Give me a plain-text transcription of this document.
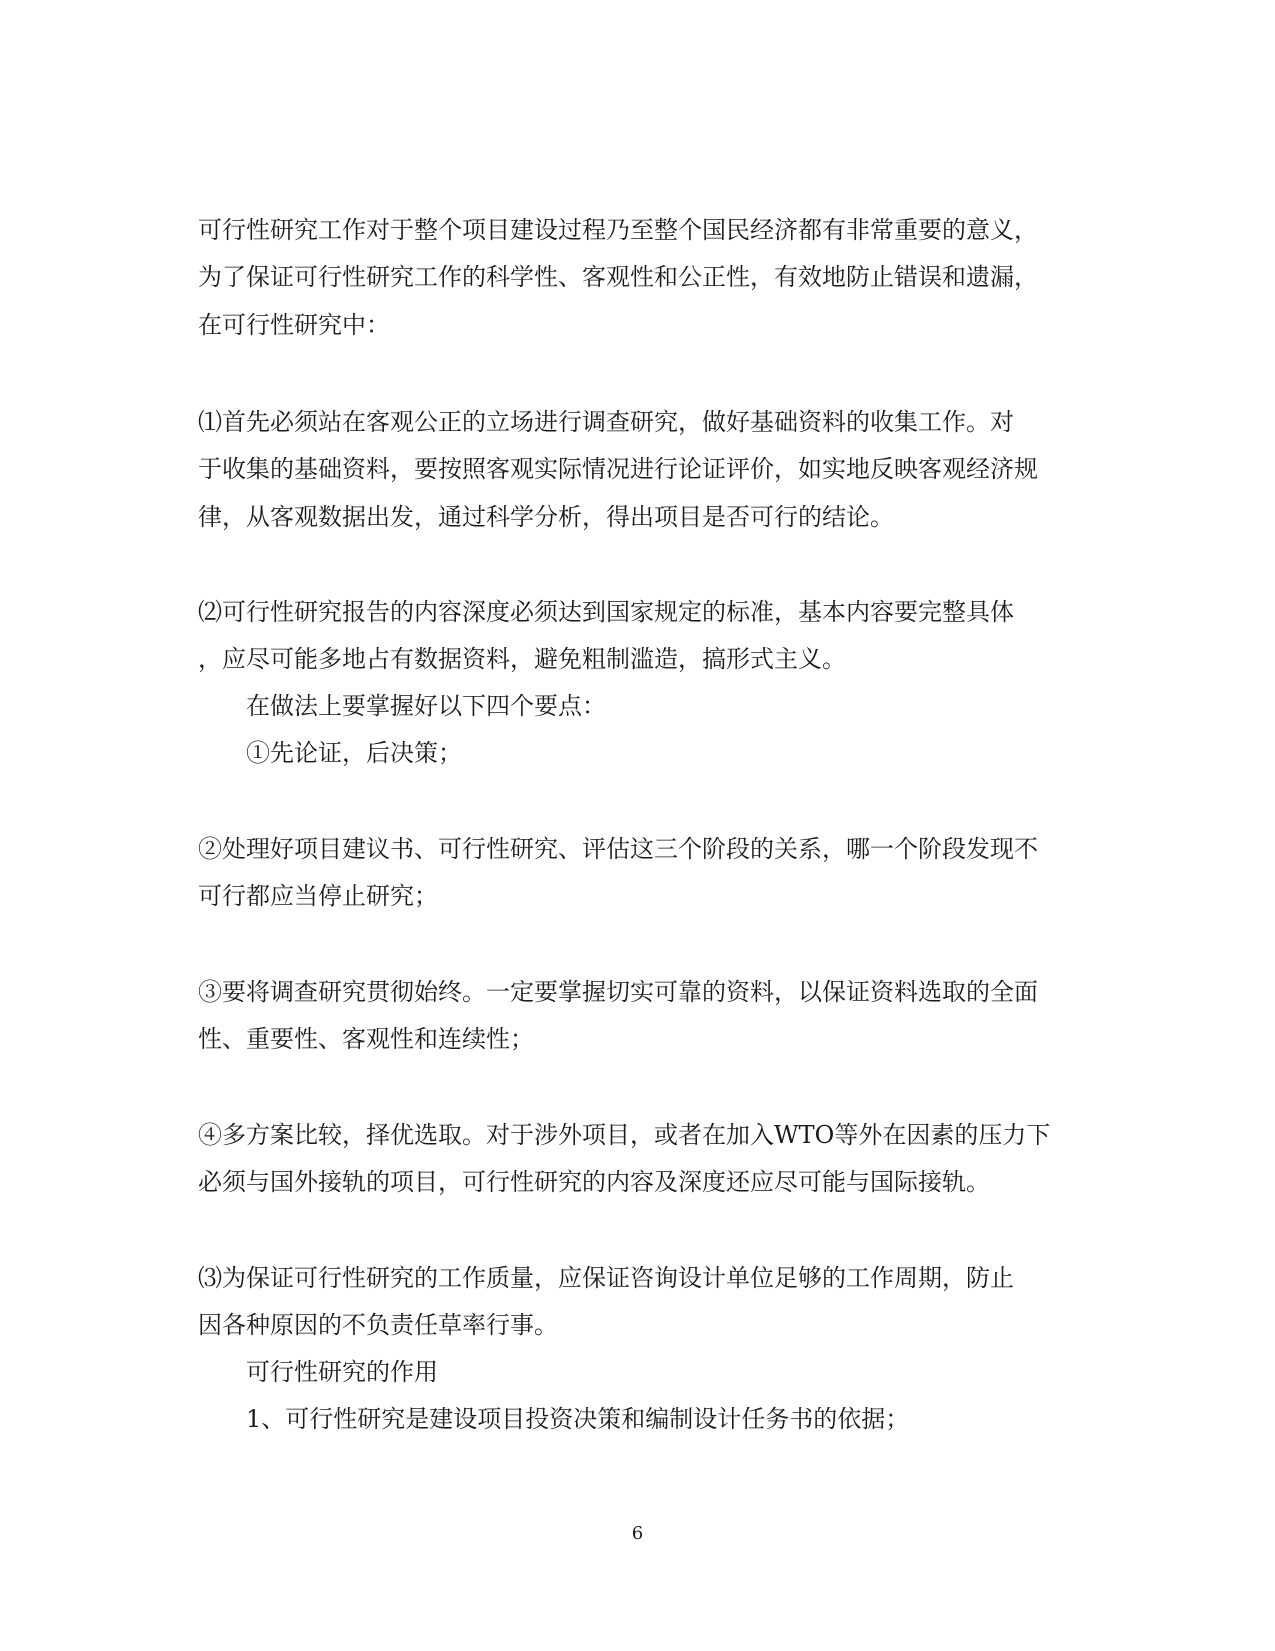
可行性研究工作对于整个项目建设过程乃至整个国民经济都有非常重要的意义，
为了保证可行性研究工作的科学性、客观性和公正性，有效地防止错误和遗漏，
在可行性研究中：
⑴首先必须站在客观公正的立场进行调查研究，做好基础资料的收集工作。对
于收集的基础资料，要按照客观实际情况进行论证评价，如实地反映客观经济规
律，从客观数据出发，通过科学分析，得出项目是否可行的结论。
⑵可行性研究报告的内容深度必须达到国家规定的标准，基本内容要完整具体
，应尽可能多地占有数据资料，避免粗制滥造，搞形式主义。
在做法上要掌握好以下四个要点：
①先论证，后决策；
②处理好项目建议书、可行性研究、评估这三个阶段的关系，哪一个阶段发现不
可行都应当停止研究；
③要将调查研究贯彻始终。一定要掌握切实可靠的资料，以保证资料选取的全面
性、重要性、客观性和连续性；
④多方案比较，择优选取。对于涉外项目，或者在加入WTO等外在因素的压力下
必须与国外接轨的项目，可行性研究的内容及深度还应尽可能与国际接轨。
⑶为保证可行性研究的工作质量，应保证咨询设计单位足够的工作周期，防止
因各种原因的不负责任草率行事。
可行性研究的作用
1、可行性研究是建设项目投资决策和编制设计任务书的依据；
6
